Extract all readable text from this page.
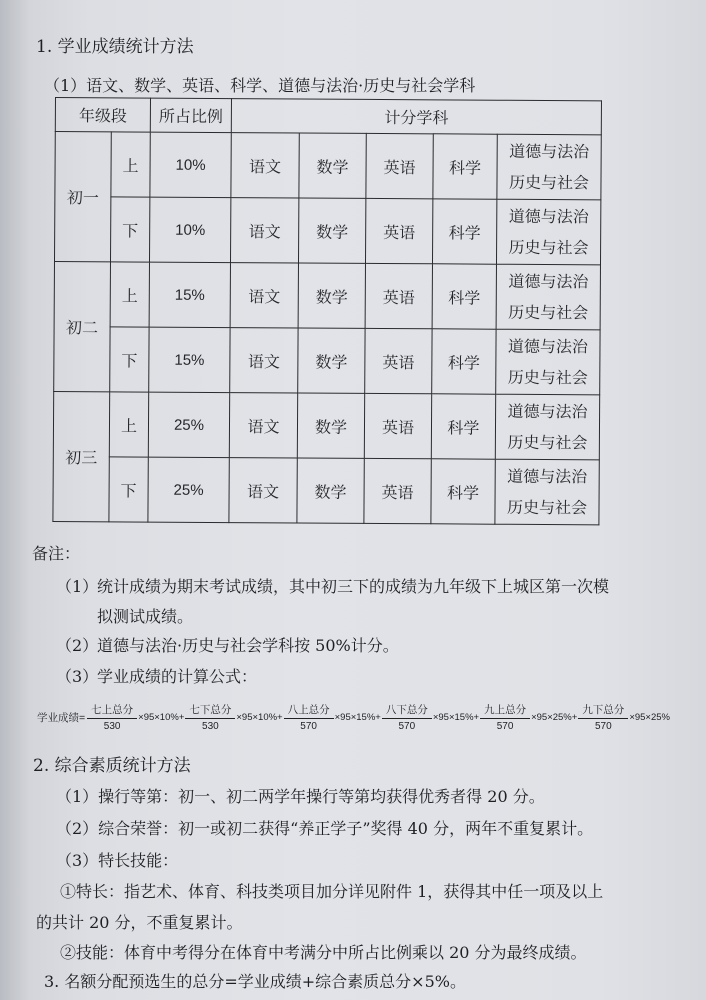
1. 学业成绩统计方法
（1）语文、数学、英语、科学、道德与法治·历史与社会学科
年级段		所占比例	计分学科				
初一	上	10%	语文	数学	英语	科学	道德与法治
历史与社会

	下	10%	语文	数学	英语	科学	道德与法治
历史与社会

初二	上	15%	语文	数学	英语	科学	道德与法治
历史与社会

	下	15%	语文	数学	英语	科学	道德与法治
历史与社会

初三	上	25%	语文	数学	英语	科学	道德与法治
历史与社会

	下	25%	语文	数学	英语	科学	道德与法治
历史与社会
备注：
（1）
统计成绩为期末考试成绩，其中初三下的成绩为九年级下上城区第一次模
拟测试成绩。
（2）
道德与法治·历史与社会学科按 50%计分。
（3）
学业成绩的计算公式：
学业成绩= $\frac{\text{七上总分}}{530} \times 95\times 10\%+ \frac{\text{七下总分}}{530} \times 95\times 10\%+ \frac{\text{八上总分}}{570} \times 95\times 15\%+ \frac{\text{八下总分}}{570} \times 95\times 15\%+ \frac{\text{九上总分}}{570} \times 95\times 25\%+ \frac{\text{九下总分}}{570} \times 95\times 25\%$
2. 综合素质统计方法
（1）操行等第：初一、初二两学年操行等第均获得优秀者得 20 分。
（2）综合荣誉：初一或初二获得“养正学子”奖得 40 分，两年不重复累计。
（3）特长技能：
①特长：指艺术、体育、科技类项目加分详见附件 1，获得其中任一项及以上
的共计 20 分，不重复累计。
②技能：体育中考得分在体育中考满分中所占比例乘以 20 分为最终成绩。
3. 名额分配预选生的总分=学业成绩+综合素质总分×5%。
